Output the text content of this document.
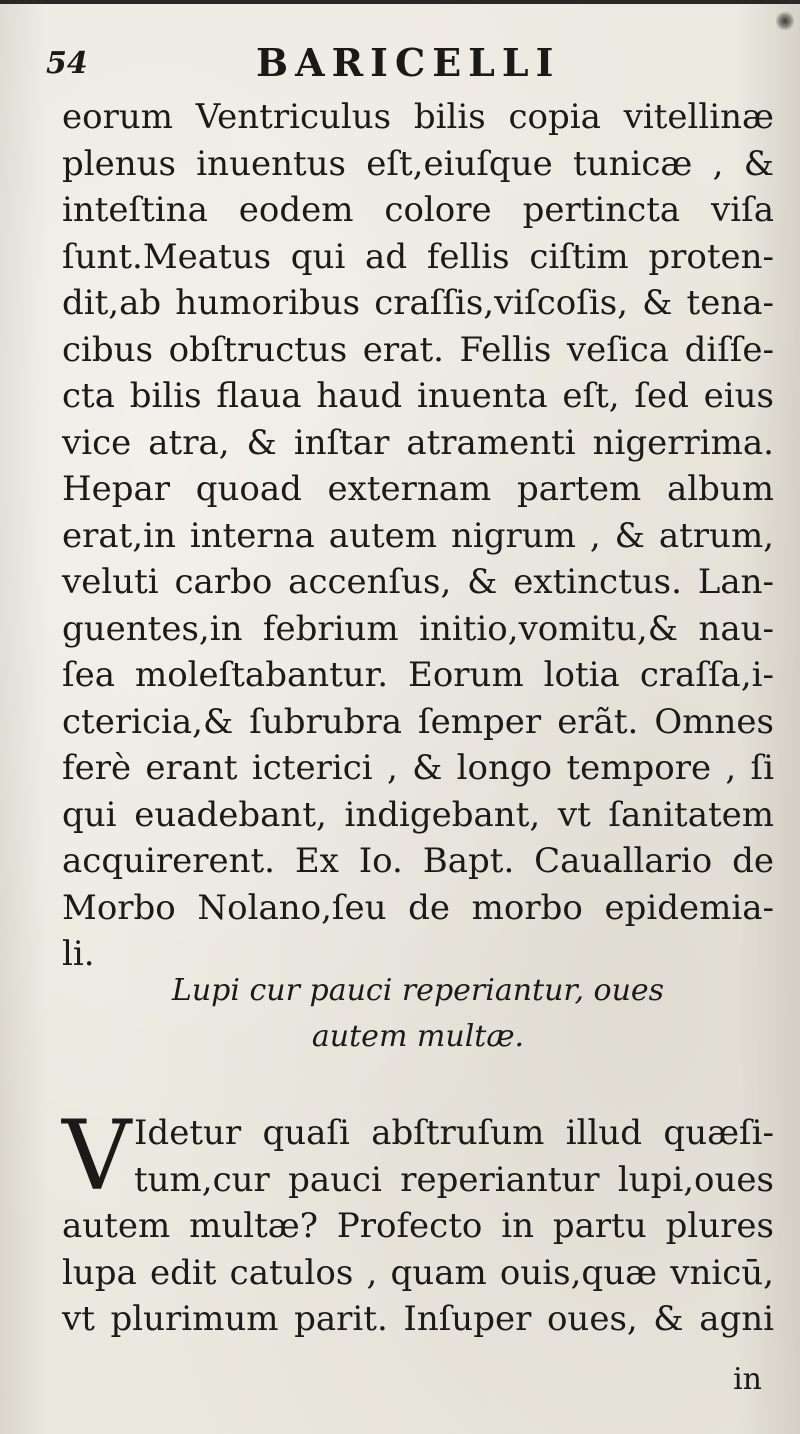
54	BARICELLI
eorum Ventriculus bilis copia vitellinæ
plenus inuentus eſt,eiuſque tunicæ , &
inteſtina eodem colore pertincta viſa
ſunt.Meatus qui ad fellis ciſtim proten-
dit,ab humoribus craſſis,viſcoſis, & tena-
cibus obſtructus erat. Fellis veſica diſſe-
cta bilis flaua haud inuenta eſt, ſed eius
vice atra, & inſtar atramenti nigerrima.
Hepar quoad externam partem album
erat,in interna autem nigrum , & atrum,
veluti carbo accenſus, & extinctus. Lan-
guentes,in febrium initio,vomitu,& nau-
ſea moleſtabantur. Eorum lotia craſſa,i-
ctericia,& ſubrubra ſemper erãt. Omnes
ferè erant icterici , & longo tempore , ſi
qui euadebant, indigebant, vt ſanitatem
acquirerent. Ex Io. Bapt. Cauallario de
Morbo Nolano,ſeu de morbo epidemia-
li.
Lupi cur pauci reperiantur, oues
autem multæ.
V Idetur quaſi abſtruſum illud quæſi-
tum,cur pauci reperiantur lupi,oues
autem multæ? Profecto in partu plures
lupa edit catulos , quam ouis,quæ vnicū,
vt plurimum parit. Inſuper oues, & agni
in
